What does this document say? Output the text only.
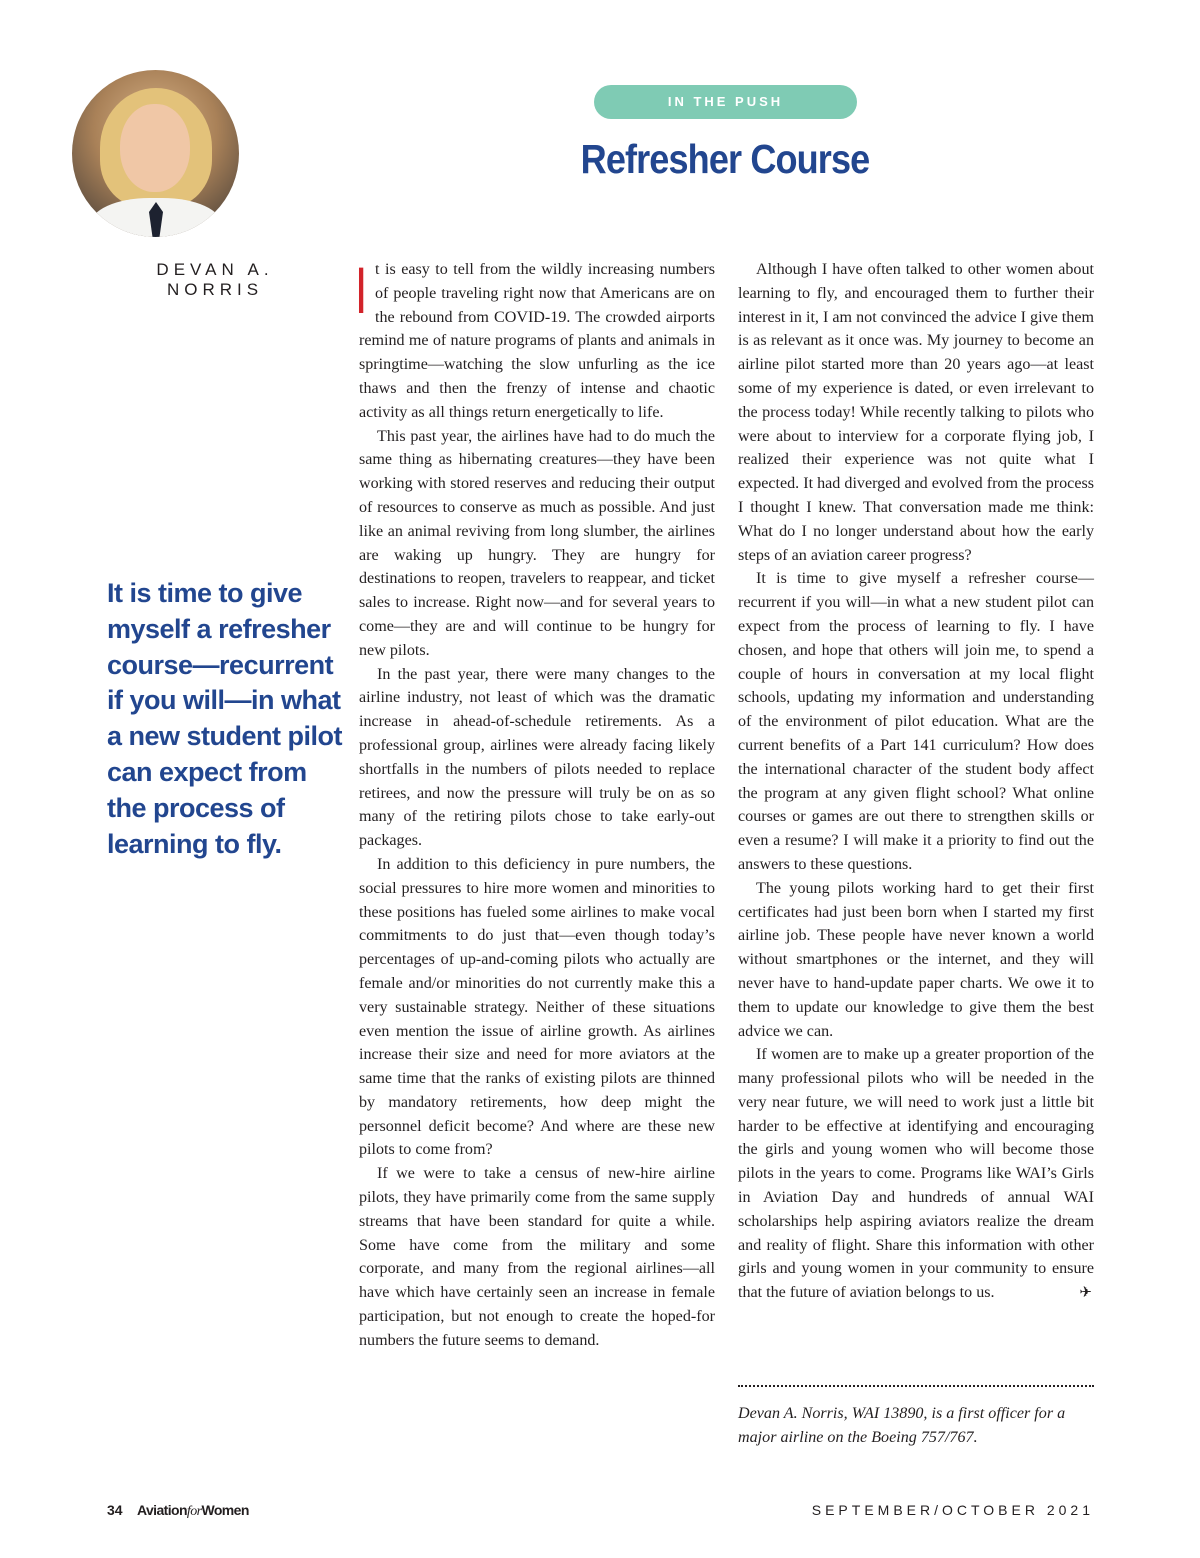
DEVAN A. NORRIS
IN THE PUSH
Refresher Course

It is time to give myself a refresher course—recurrent if you will—in what a new student pilot can expect from the process of learning to fly.

It is easy to tell from the wildly increasing numbers of people traveling right now that Americans are on the rebound from COVID-19. The crowded airports remind me of nature programs of plants and animals in springtime—watching the slow unfurling as the ice thaws and then the frenzy of intense and chaotic activity as all things return energetically to life.

This past year, the airlines have had to do much the same thing as hibernating creatures—they have been working with stored reserves and reducing their output of resources to conserve as much as possible. And just like an animal reviving from long slumber, the airlines are waking up hungry. They are hungry for destinations to reopen, travelers to reappear, and ticket sales to increase. Right now—and for several years to come—they are and will continue to be hungry for new pilots.

In the past year, there were many changes to the airline industry, not least of which was the dramatic increase in ahead-of-schedule retirements. As a professional group, airlines were already facing likely shortfalls in the numbers of pilots needed to replace retirees, and now the pressure will truly be on as so many of the retiring pilots chose to take early-out packages.

In addition to this deficiency in pure numbers, the social pressures to hire more women and minorities to these positions has fueled some airlines to make vocal commitments to do just that—even though today’s percentages of up-and-coming pilots who actually are female and/or minorities do not currently make this a very sustainable strategy. Neither of these situations even mention the issue of airline growth. As airlines increase their size and need for more aviators at the same time that the ranks of existing pilots are thinned by mandatory retirements, how deep might the personnel deficit become? And where are these new pilots to come from?

If we were to take a census of new-hire airline pilots, they have primarily come from the same supply streams that have been standard for quite a while. Some have come from the military and some corporate, and many from the regional airlines—all have which have certainly seen an increase in female participation, but not enough to create the hoped-for numbers the future seems to demand.

Although I have often talked to other women about learning to fly, and encouraged them to further their interest in it, I am not convinced the advice I give them is as relevant as it once was. My journey to become an airline pilot started more than 20 years ago—at least some of my experience is dated, or even irrelevant to the process today! While recently talking to pilots who were about to interview for a corporate flying job, I realized their experience was not quite what I expected. It had diverged and evolved from the process I thought I knew. That conversation made me think: What do I no longer understand about how the early steps of an aviation career progress?

It is time to give myself a refresher course—recurrent if you will—in what a new student pilot can expect from the process of learning to fly. I have chosen, and hope that others will join me, to spend a couple of hours in conversation at my local flight schools, updating my information and understanding of the environment of pilot education. What are the current benefits of a Part 141 curriculum? How does the international character of the student body affect the program at any given flight school? What online courses or games are out there to strengthen skills or even a resume? I will make it a priority to find out the answers to these questions.

The young pilots working hard to get their first certificates had just been born when I started my first airline job. These people have never known a world without smartphones or the internet, and they will never have to hand-update paper charts. We owe it to them to update our knowledge to give them the best advice we can.

If women are to make up a greater proportion of the many professional pilots who will be needed in the very near future, we will need to work just a little bit harder to be effective at identifying and encouraging the girls and young women who will become those pilots in the years to come. Programs like WAI’s Girls in Aviation Day and hundreds of annual WAI scholarships help aspiring aviators realize the dream and reality of flight. Share this information with other girls and young women in your community to ensure that the future of aviation belongs to us.	✈

Devan A. Norris, WAI 13890, is a first officer for a major airline on the Boeing 757/767.

34 AviationforWomen	SEPTEMBER/OCTOBER 2021
